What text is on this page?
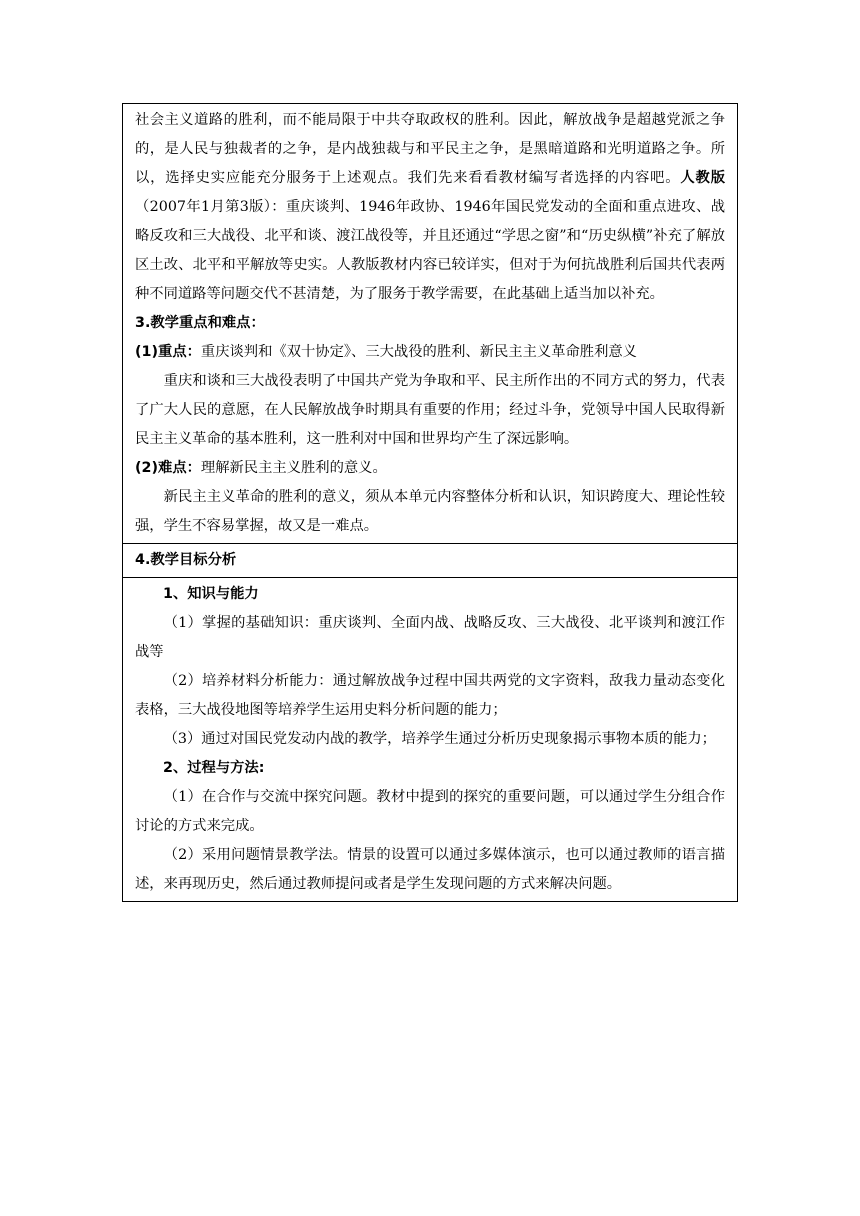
社会主义道路的胜利，而不能局限于中共夺取政权的胜利。因此，解放战争是超越党派之争的，是人民与独裁者的之争，是内战独裁与和平民主之争，是黑暗道路和光明道路之争。所以，选择史实应能充分服务于上述观点。我们先来看看教材编写者选择的内容吧。人教版（2007年1月第3版）：重庆谈判、1946年政协、1946年国民党发动的全面和重点进攻、战略反攻和三大战役、北平和谈、渡江战役等，并且还通过“学思之窗”和“历史纵横”补充了解放区土改、北平和平解放等史实。人教版教材内容已较详实，但对于为何抗战胜利后国共代表两种不同道路等问题交代不甚清楚，为了服务于教学需要，在此基础上适当加以补充。

3.教学重点和难点：

(1)重点：重庆谈判和《双十协定》、三大战役的胜利、新民主主义革命胜利意义

重庆和谈和三大战役表明了中国共产党为争取和平、民主所作出的不同方式的努力，代表了广大人民的意愿，在人民解放战争时期具有重要的作用；经过斗争，党领导中国人民取得新民主主义革命的基本胜利，这一胜利对中国和世界均产生了深远影响。

(2)难点：理解新民主主义胜利的意义。

新民主主义革命的胜利的意义，须从本单元内容整体分析和认识，知识跨度大、理论性较强，学生不容易掌握，故又是一难点。

4.教学目标分析

1、知识与能力

（1）掌握的基础知识：重庆谈判、全面内战、战略反攻、三大战役、北平谈判和渡江作战等

（2）培养材料分析能力：通过解放战争过程中国共两党的文字资料，敌我力量动态变化表格，三大战役地图等培养学生运用史料分析问题的能力；

（3）通过对国民党发动内战的教学，培养学生通过分析历史现象揭示事物本质的能力；

2、过程与方法:

（1）在合作与交流中探究问题。教材中提到的探究的重要问题，可以通过学生分组合作讨论的方式来完成。

（2）采用问题情景教学法。情景的设置可以通过多媒体演示，也可以通过教师的语言描述，来再现历史，然后通过教师提问或者是学生发现问题的方式来解决问题。
